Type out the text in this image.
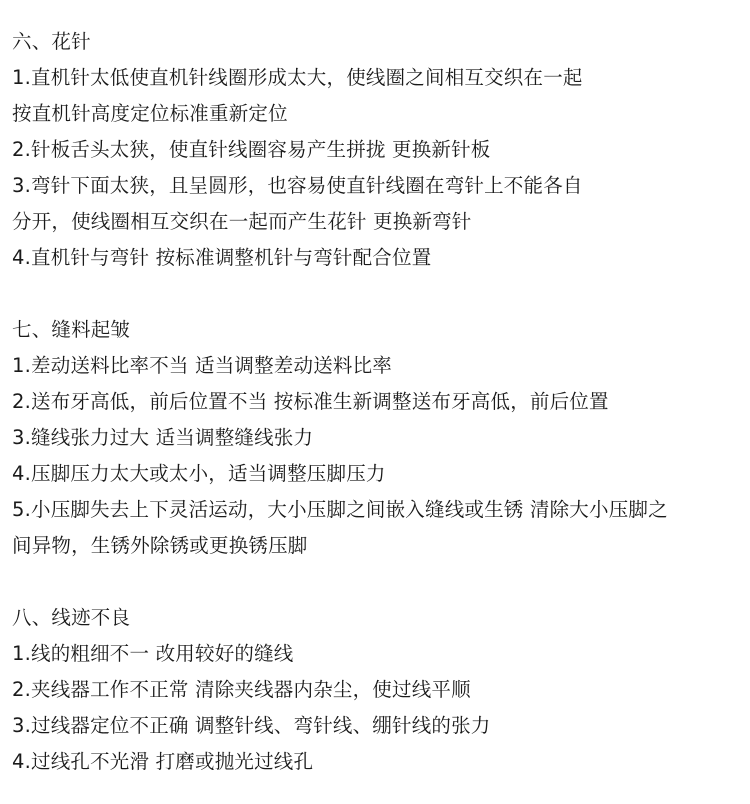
六、花针
1.直机针太低使直机针线圈形成太大，使线圈之间相互交织在一起
按直机针高度定位标准重新定位
2.针板舌头太狭，使直针线圈容易产生拼拢 更换新针板
3.弯针下面太狭，且呈圆形，也容易使直针线圈在弯针上不能各自
分开，使线圈相互交织在一起而产生花针 更换新弯针
4.直机针与弯针 按标准调整机针与弯针配合位置
七、缝料起皱
1.差动送料比率不当 适当调整差动送料比率
2.送布牙高低，前后位置不当 按标准生新调整送布牙高低，前后位置
3.缝线张力过大 适当调整缝线张力
4.压脚压力太大或太小，适当调整压脚压力
5.小压脚失去上下灵活运动，大小压脚之间嵌入缝线或生锈 清除大小压脚之
间异物，生锈外除锈或更换锈压脚
八、线迹不良
1.线的粗细不一 改用较好的缝线
2.夹线器工作不正常 清除夹线器内杂尘，使过线平顺
3.过线器定位不正确 调整针线、弯针线、绷针线的张力
4.过线孔不光滑 打磨或抛光过线孔
